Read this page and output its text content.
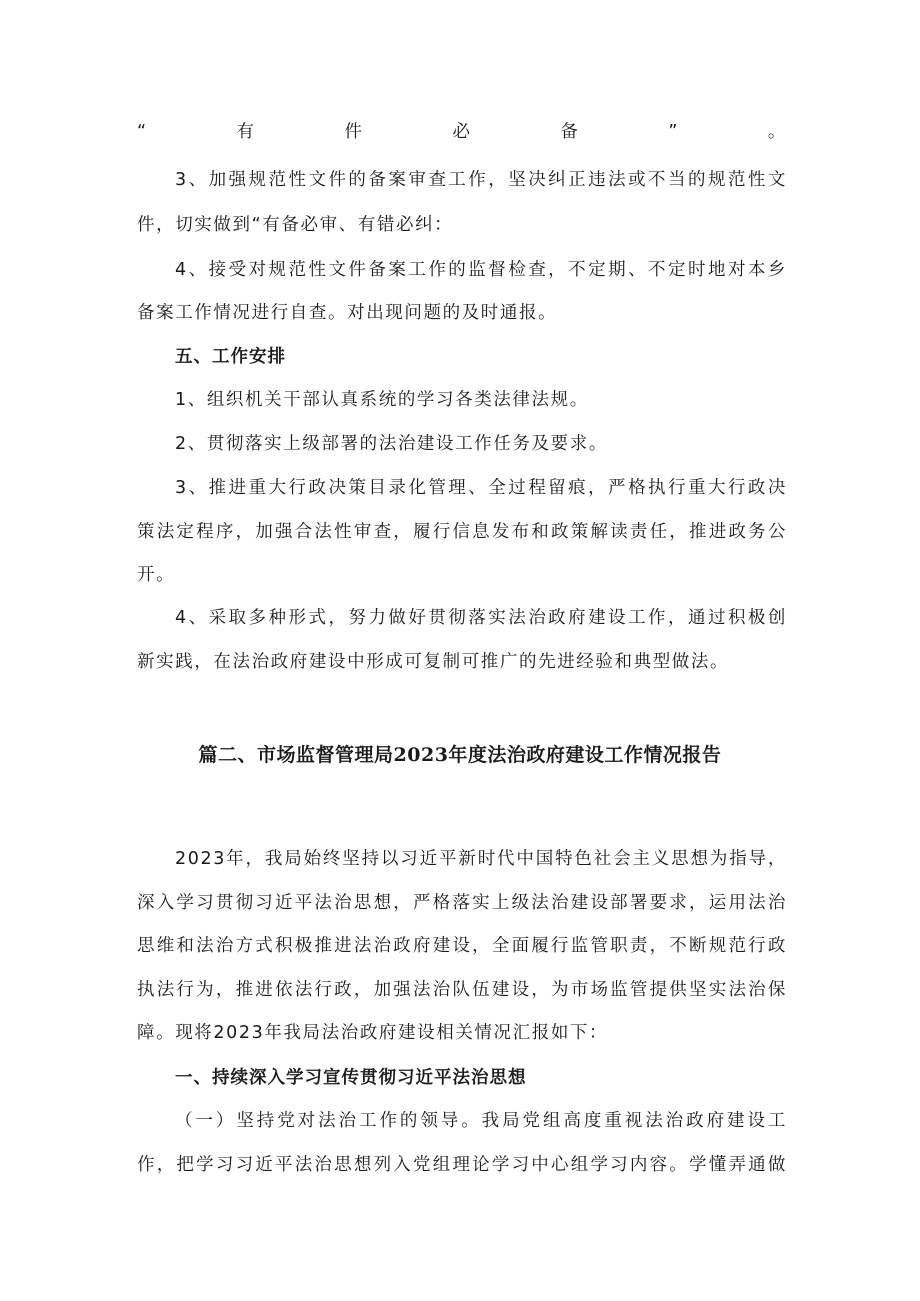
“有件必备”。
3、加强规范性文件的备案审查工作，坚决纠正违法或不当的规范性文
件，切实做到“有备必审、有错必纠：
4、接受对规范性文件备案工作的监督检查，不定期、不定时地对本乡
备案工作情况进行自查。对出现问题的及时通报。
五、工作安排
1、组织机关干部认真系统的学习各类法律法规。
2、贯彻落实上级部署的法治建设工作任务及要求。
3、推进重大行政决策目录化管理、全过程留痕，严格执行重大行政决
策法定程序，加强合法性审查，履行信息发布和政策解读责任，推进政务公
开。
4、采取多种形式，努力做好贯彻落实法治政府建设工作，通过积极创
新实践，在法治政府建设中形成可复制可推广的先进经验和典型做法。
篇二、市场监督管理局2023年度法治政府建设工作情况报告
2023年，我局始终坚持以习近平新时代中国特色社会主义思想为指导，
深入学习贯彻习近平法治思想，严格落实上级法治建设部署要求，运用法治
思维和法治方式积极推进法治政府建设，全面履行监管职责，不断规范行政
执法行为，推进依法行政，加强法治队伍建设，为市场监管提供坚实法治保
障。现将2023年我局法治政府建设相关情况汇报如下：
一、持续深入学习宣传贯彻习近平法治思想
（一）坚持党对法治工作的领导。我局党组高度重视法治政府建设工
作，把学习习近平法治思想列入党组理论学习中心组学习内容。学懂弄通做
